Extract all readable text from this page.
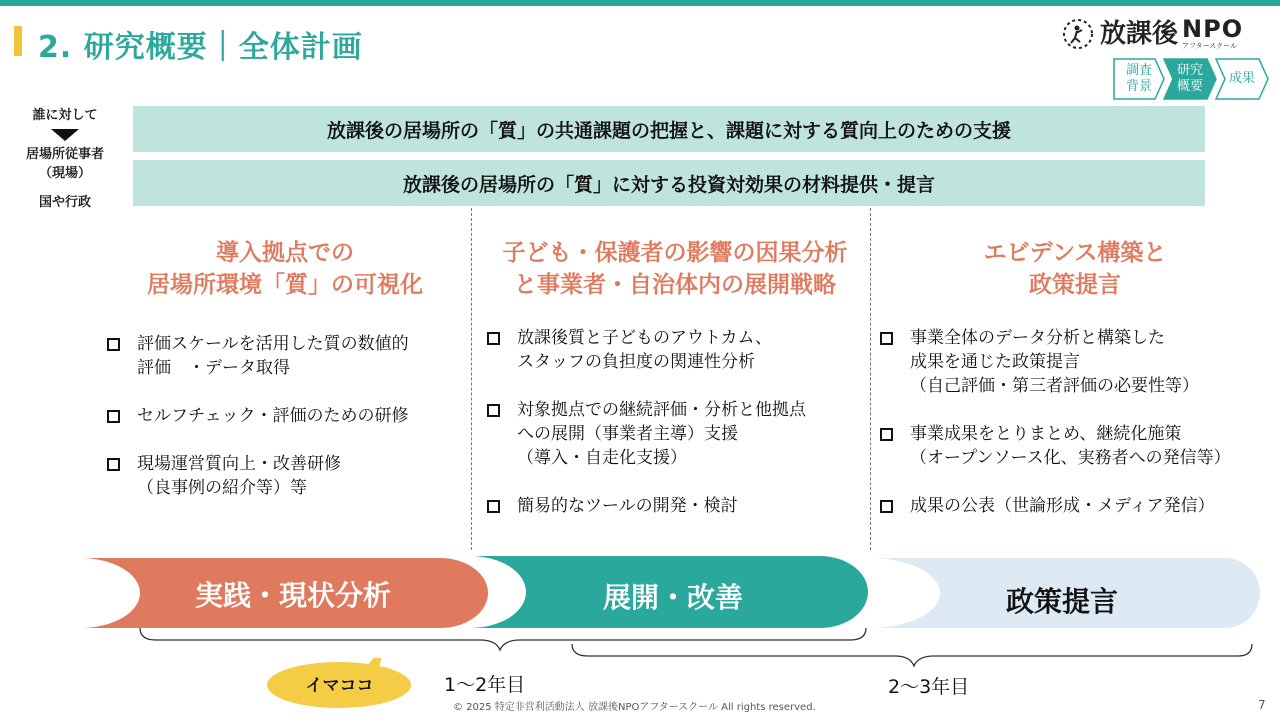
2. 研究概要｜全体計画	放課後 NPO
アフタースクール
調査
背景
研究
概要
成果
誰に対して
居場所従事者
（現場）
国や行政
放課後の居場所の「質」の共通課題の把握と、課題に対する質向上のための支援
放課後の居場所の「質」に対する投資対効果の材料提供・提言
導入拠点での
居場所環境「質」の可視化
子ども・保護者の影響の因果分析
と事業者・自治体内の展開戦略
エビデンス構築と
政策提言
評価スケールを活用した質の数値的
評価　・データ取得
セルフチェック・評価のための研修
現場運営質向上・改善研修
（良事例の紹介等）等
放課後質と子どものアウトカム、
スタッフの負担度の関連性分析
対象拠点での継続評価・分析と他拠点
への展開（事業者主導）支援
（導入・自走化支援）
簡易的なツールの開発・検討
事業全体のデータ分析と構築した
成果を通じた政策提言
（自己評価・第三者評価の必要性等）
事業成果をとりまとめ、継続化施策
（オープンソース化、実務者への発信等）
成果の公表（世論形成・メディア発信）
実践・現状分析	展開・改善	政策提言
イマココ	1〜2年目	2〜3年目
© 2025 特定非営利活動法人 放課後NPOアフタースクール All rights reserved.	7
